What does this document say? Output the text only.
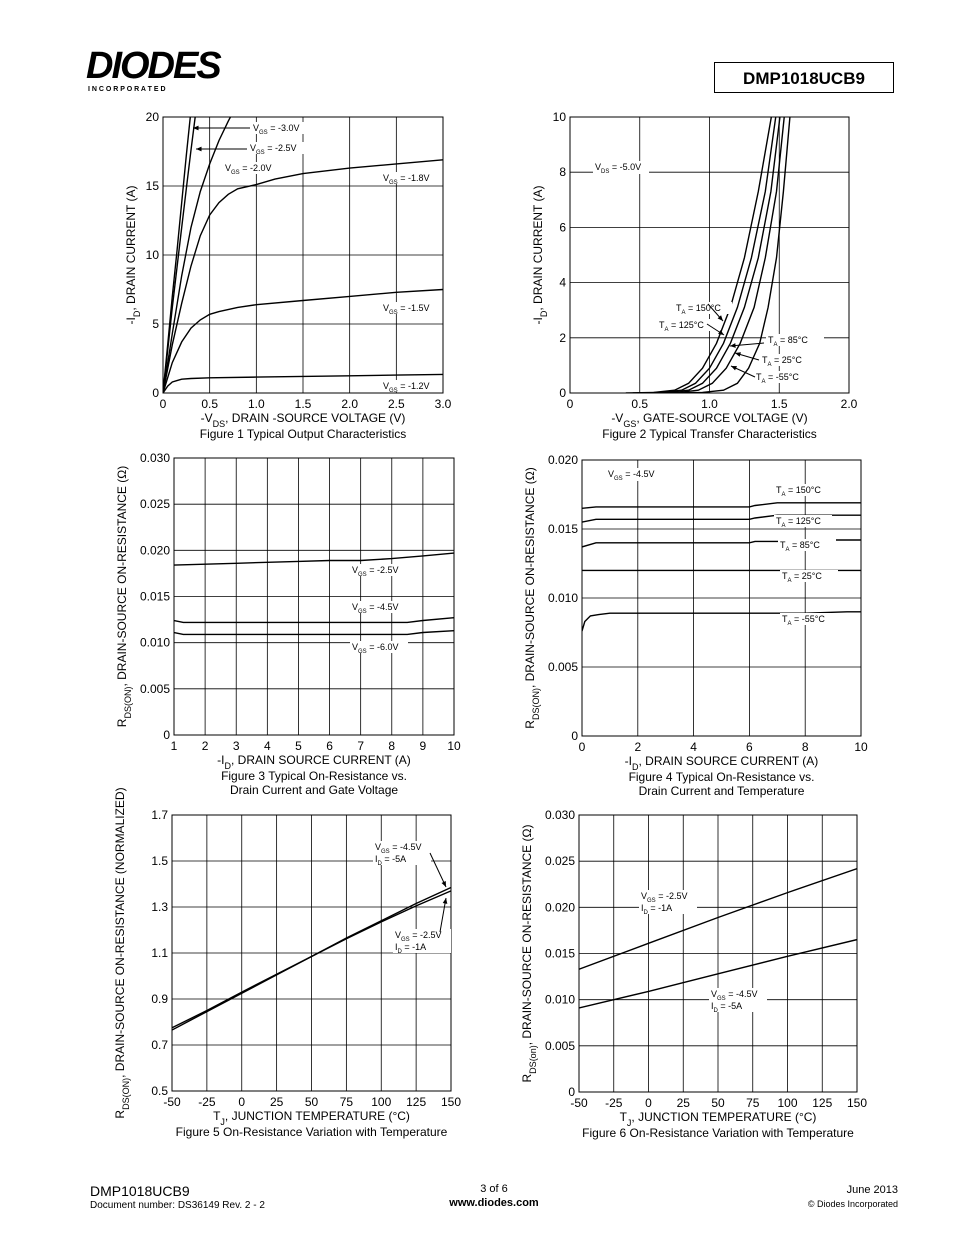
DIODES
I N C O R P O R A T E D
DMP1018UCB9
0	0.5 1.0 1.5 2.0 2.5 3.0
0
5
10
15
20
$V_{GS} = -3.0V$
$V_{GS} = -2.5V$
$V_{GS} = -2.0V$
$V_{GS} = -1.8V$
$V_{GS} = -1.5V$
$V_{GS} = -1.2V$
$-V_{DS}$, DRAIN -SOURCE VOLTAGE (V)
$-I_D$, DRAIN CURRENT (A)
Figure 1 Typical Output Characteristics
0	0.5	1.0	1.5	2.0
0
2
4
6
8
10
$T_A = 150^\circ C$
$T_A = 125^\circ C$
$T_A = 85^\circ C$
$T_A = 25^\circ C$
$T_A = -55^\circ C$
$V_{DS} = -5.0V$
$-V_{GS}$, GATE-SOURCE VOLTAGE (V)
$-I_D$, DRAIN CURRENT (A)
Figure 2 Typical Transfer Characteristics
1 2 3 4 5 6 7 8 9 10
0
0.005
0.010
0.015
0.020
0.025
0.030
$V_{GS} = -2.5V$
$V_{GS} = -4.5V$
$V_{GS} = -6.0V$
$-I_D$, DRAIN SOURCE CURRENT (A)
$R_{DS(ON)}$, DRAIN-SOURCE ON-RESISTANCE (Ω)
Figure 3 Typical On-Resistance vs.
Drain Current and Gate Voltage
0	2	4	6	8	10
0
0.005
0.010
0.015
0.020
$T_A = 150^\circ C$
$T_A = 125^\circ C$
$T_A = 85^\circ C$
$T_A = 25^\circ C$
$T_A = -55^\circ C$
$V_{GS} = -4.5V$
$-I_D$, DRAIN SOURCE CURRENT (A)
$R_{DS(ON)}$, DRAIN-SOURCE ON-RESISTANCE (Ω)
Figure 4 Typical On-Resistance vs.
Drain Current and Temperature
-50 -25 0 25 50 75 100 125 150
0.5
0.7
0.9
1.1
1.3
1.5
1.7
$V_{GS} = -4.5V$
$I_D = -5A$
$V_{GS} = -2.5V$
$I_D = -1A$
$T_J$, JUNCTION TEMPERATURE (°C)
$R_{DS(ON)}$, DRAIN-SOURCE ON-RESISTANCE (NORMALIZED)
Figure 5 On-Resistance Variation with Temperature
-50 -25 0 25 50 75 100 125 150
0
0.005
0.010
0.015
0.020
0.025
0.030
$V_{GS} = -2.5V$
$I_D = -1A$
$V_{GS} = -4.5V$
$I_D = -5A$
$T_J$, JUNCTION TEMPERATURE (°C)
$R_{DS(on)}$, DRAIN-SOURCE ON-RESISTANCE (Ω)
Figure 6 On-Resistance Variation with Temperature
DMP1018UCB9
Document number: DS36149 Rev. 2 - 2
3 of 6
www.diodes.com
June 2013
© Diodes Incorporated
